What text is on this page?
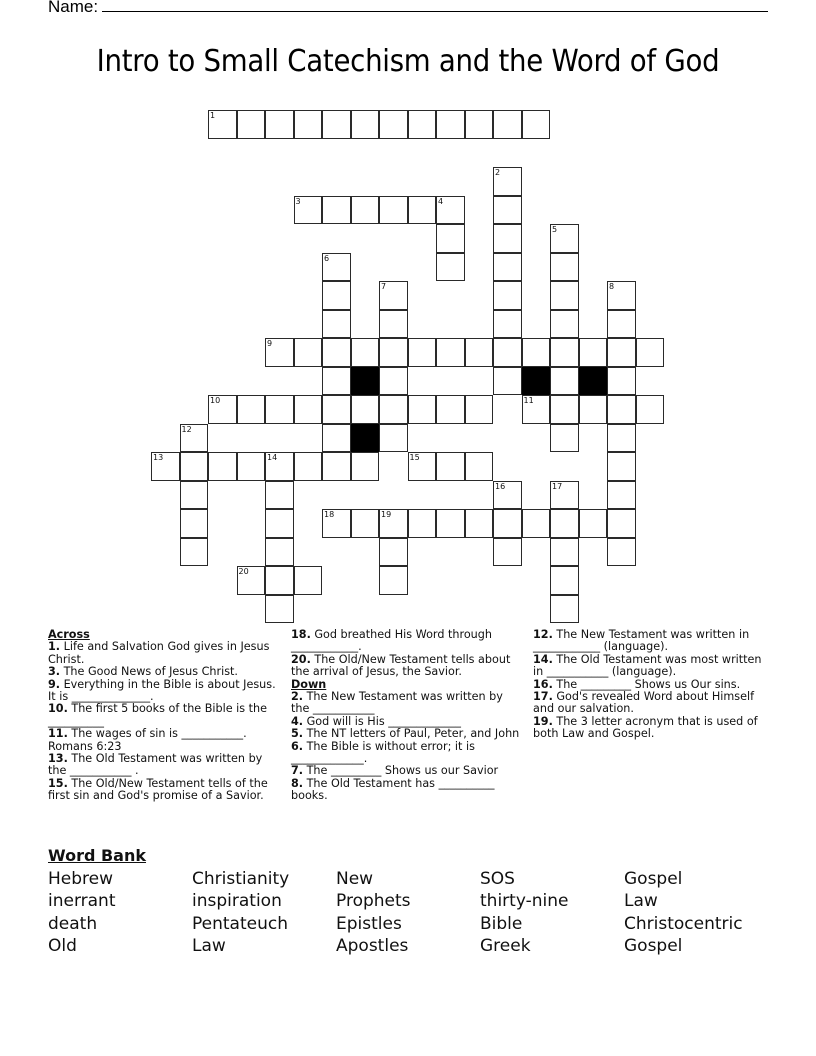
Name:
Intro to Small Catechism and the Word of God
1
2
3	4
5
6
7	8
9
10	11
12
13	14	15
16	17
18	19
20
Across
1. Life and Salvation God gives in Jesus Christ.
3. The Good News of Jesus Christ.
9. Everything in the Bible is about Jesus. It is ______________.
10. The first 5 books of the Bible is the __________
11. The wages of sin is ___________. Romans 6:23
13. The Old Testament was written by the ___________ .
15. The Old/New Testament tells of the first sin and God's promise of a Savior.
18. God breathed His Word through ____________.
20. The Old/New Testament tells about the arrival of Jesus, the Savior.
Down
2. The New Testament was written by the ___________
4. God will is His _____________
5. The NT letters of Paul, Peter, and John
6. The Bible is without error; it is _____________.
7. The _________ Shows us our Savior
8. The Old Testament has __________ books.
12. The New Testament was written in ____________ (language).
14. The Old Testament was most written in ___________ (language).
16. The _________ Shows us Our sins.
17. God's revealed Word about Himself and our salvation.
19. The 3 letter acronym that is used of both Law and Gospel.
Word Bank
Hebrew	Christianity	New	SOS	Gospel
inerrant	inspiration	Prophets	thirty-nine	Law
death	Pentateuch	Epistles	Bible	Christocentric
Old	Law	Apostles	Greek	Gospel
